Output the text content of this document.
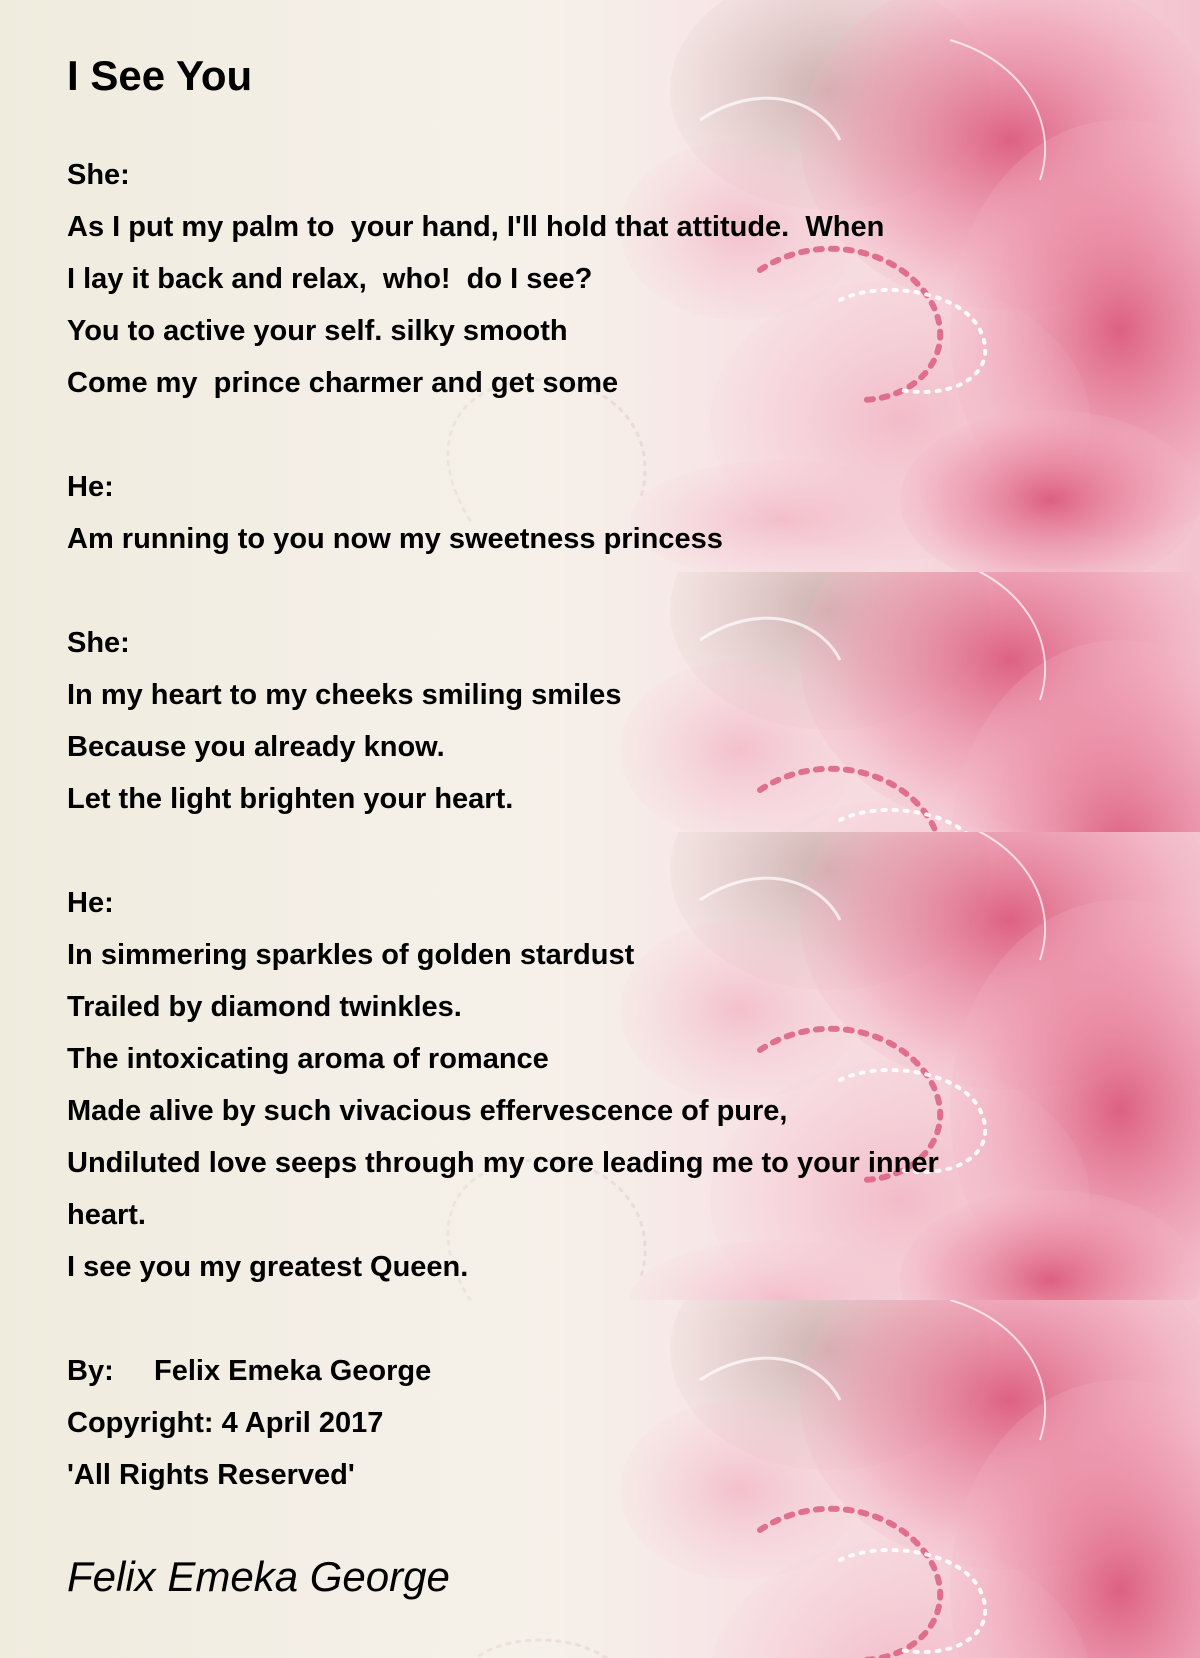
I See You
She:
As I put my palm to  your hand, I'll hold that attitude.  When
I lay it back and relax,  who!  do I see?
You to active your self. silky smooth
Come my  prince charmer and get some
He:
Am running to you now my sweetness princess
She:
In my heart to my cheeks smiling smiles
Because you already know.
Let the light brighten your heart.
He:
In simmering sparkles of golden stardust
Trailed by diamond twinkles.
The intoxicating aroma of romance
Made alive by such vivacious effervescence of pure,
Undiluted love seeps through my core leading me to your inner
heart.
I see you my greatest Queen.
By:     Felix Emeka George
Copyright: 4 April 2017
'All Rights Reserved'
Felix Emeka George
